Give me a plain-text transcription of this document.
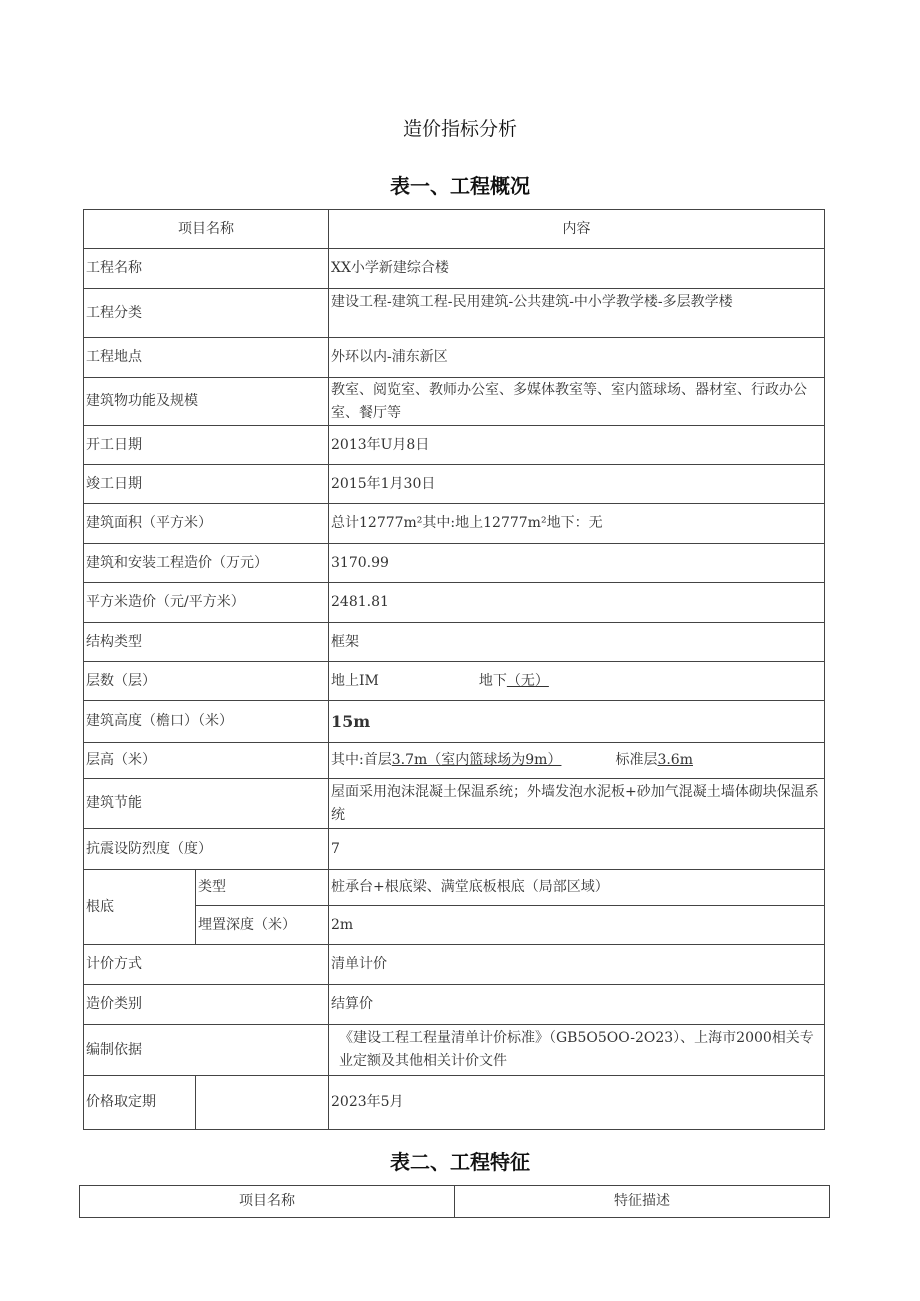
造价指标分析
表一、工程概况
项目名称		内容
工程名称		XX小学新建综合楼
工程分类		建设工程-建筑工程-民用建筑-公共建筑-中小学教学楼-多层教学楼
工程地点		外环以内-浦东新区
建筑物功能及规模		教室、阅览室、教师办公室、多媒体教室等、室内篮球场、器材室、行政办公室、餐厅等
开工日期		2013年U月8日
竣工日期		2015年1月30日
建筑面积（平方米）		总计12777m²其中:地上12777m²地下：无
建筑和安装工程造价（万元）		3170.99
平方米造价（元/平方米）		2481.81
结构类型		框架
层数（层）		地上IM 地下（无）
建筑高度（檐口）（米）		15m
层高（米）		其中:首层3.7m（室内篮球场为9m） 标准层3.6m
建筑节能		屋面采用泡沫混凝土保温系统；外墙发泡水泥板+砂加气混凝土墙体砌块保温系统
抗震设防烈度（度）		7
根底	类型	桩承台+根底梁、满堂底板根底（局部区域）
	埋置深度（米）	2m
计价方式		清单计价
造价类别		结算价
编制依据		《建设工程工程量清单计价标准》（GB5O5OO-2O23）、上海市2000相关专业定额及其他相关计价文件
价格取定期		2023年5月
表二、工程特征
项目名称	特征描述
